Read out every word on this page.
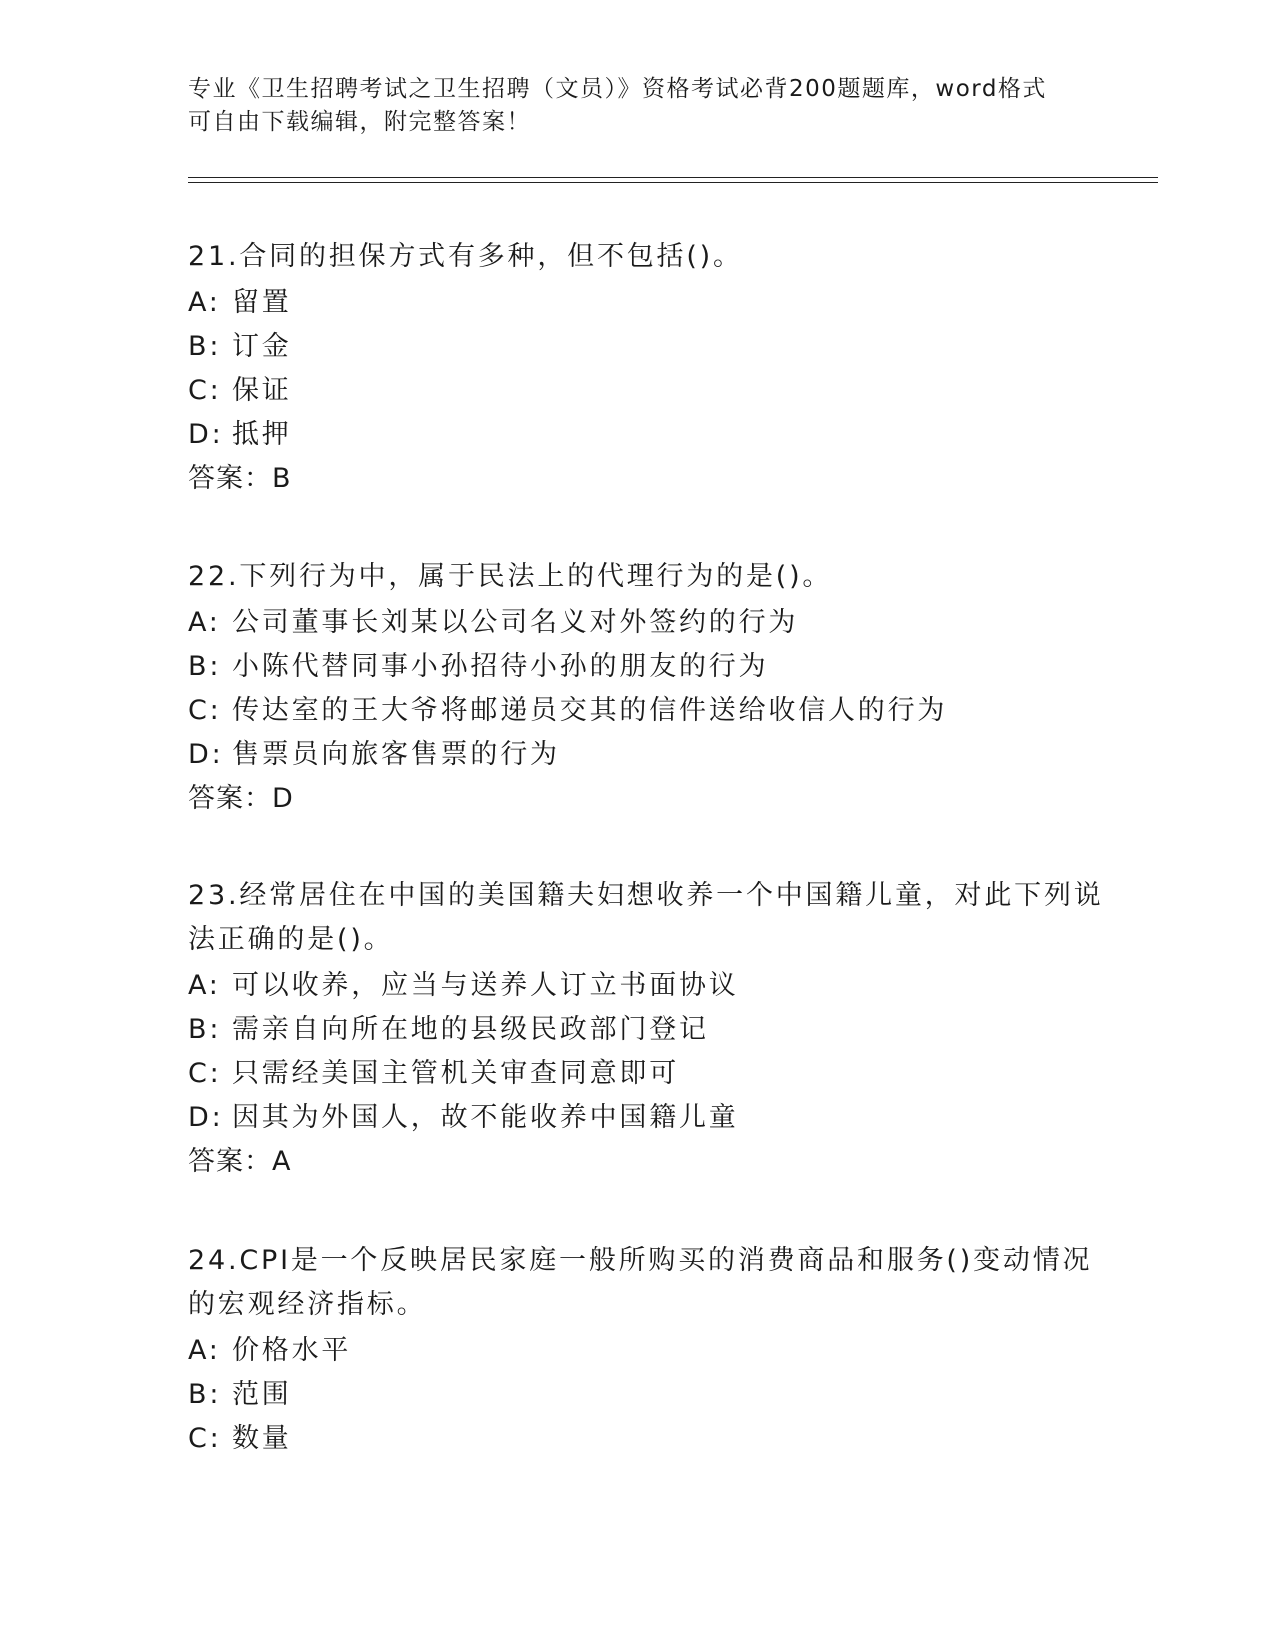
专业《卫生招聘考试之卫生招聘（文员）》资格考试必背200题题库，word格式
可自由下载编辑，附完整答案！
21.合同的担保方式有多种，但不包括()。
A: 留置
B: 订金
C: 保证
D: 抵押
答案：B
22.下列行为中，属于民法上的代理行为的是()。
A: 公司董事长刘某以公司名义对外签约的行为
B: 小陈代替同事小孙招待小孙的朋友的行为
C: 传达室的王大爷将邮递员交其的信件送给收信人的行为
D: 售票员向旅客售票的行为
答案：D
23.经常居住在中国的美国籍夫妇想收养一个中国籍儿童，对此下列说
法正确的是()。
A: 可以收养，应当与送养人订立书面协议
B: 需亲自向所在地的县级民政部门登记
C: 只需经美国主管机关审查同意即可
D: 因其为外国人，故不能收养中国籍儿童
答案：A
24.CPI是一个反映居民家庭一般所购买的消费商品和服务()变动情况
的宏观经济指标。
A: 价格水平
B: 范围
C: 数量
